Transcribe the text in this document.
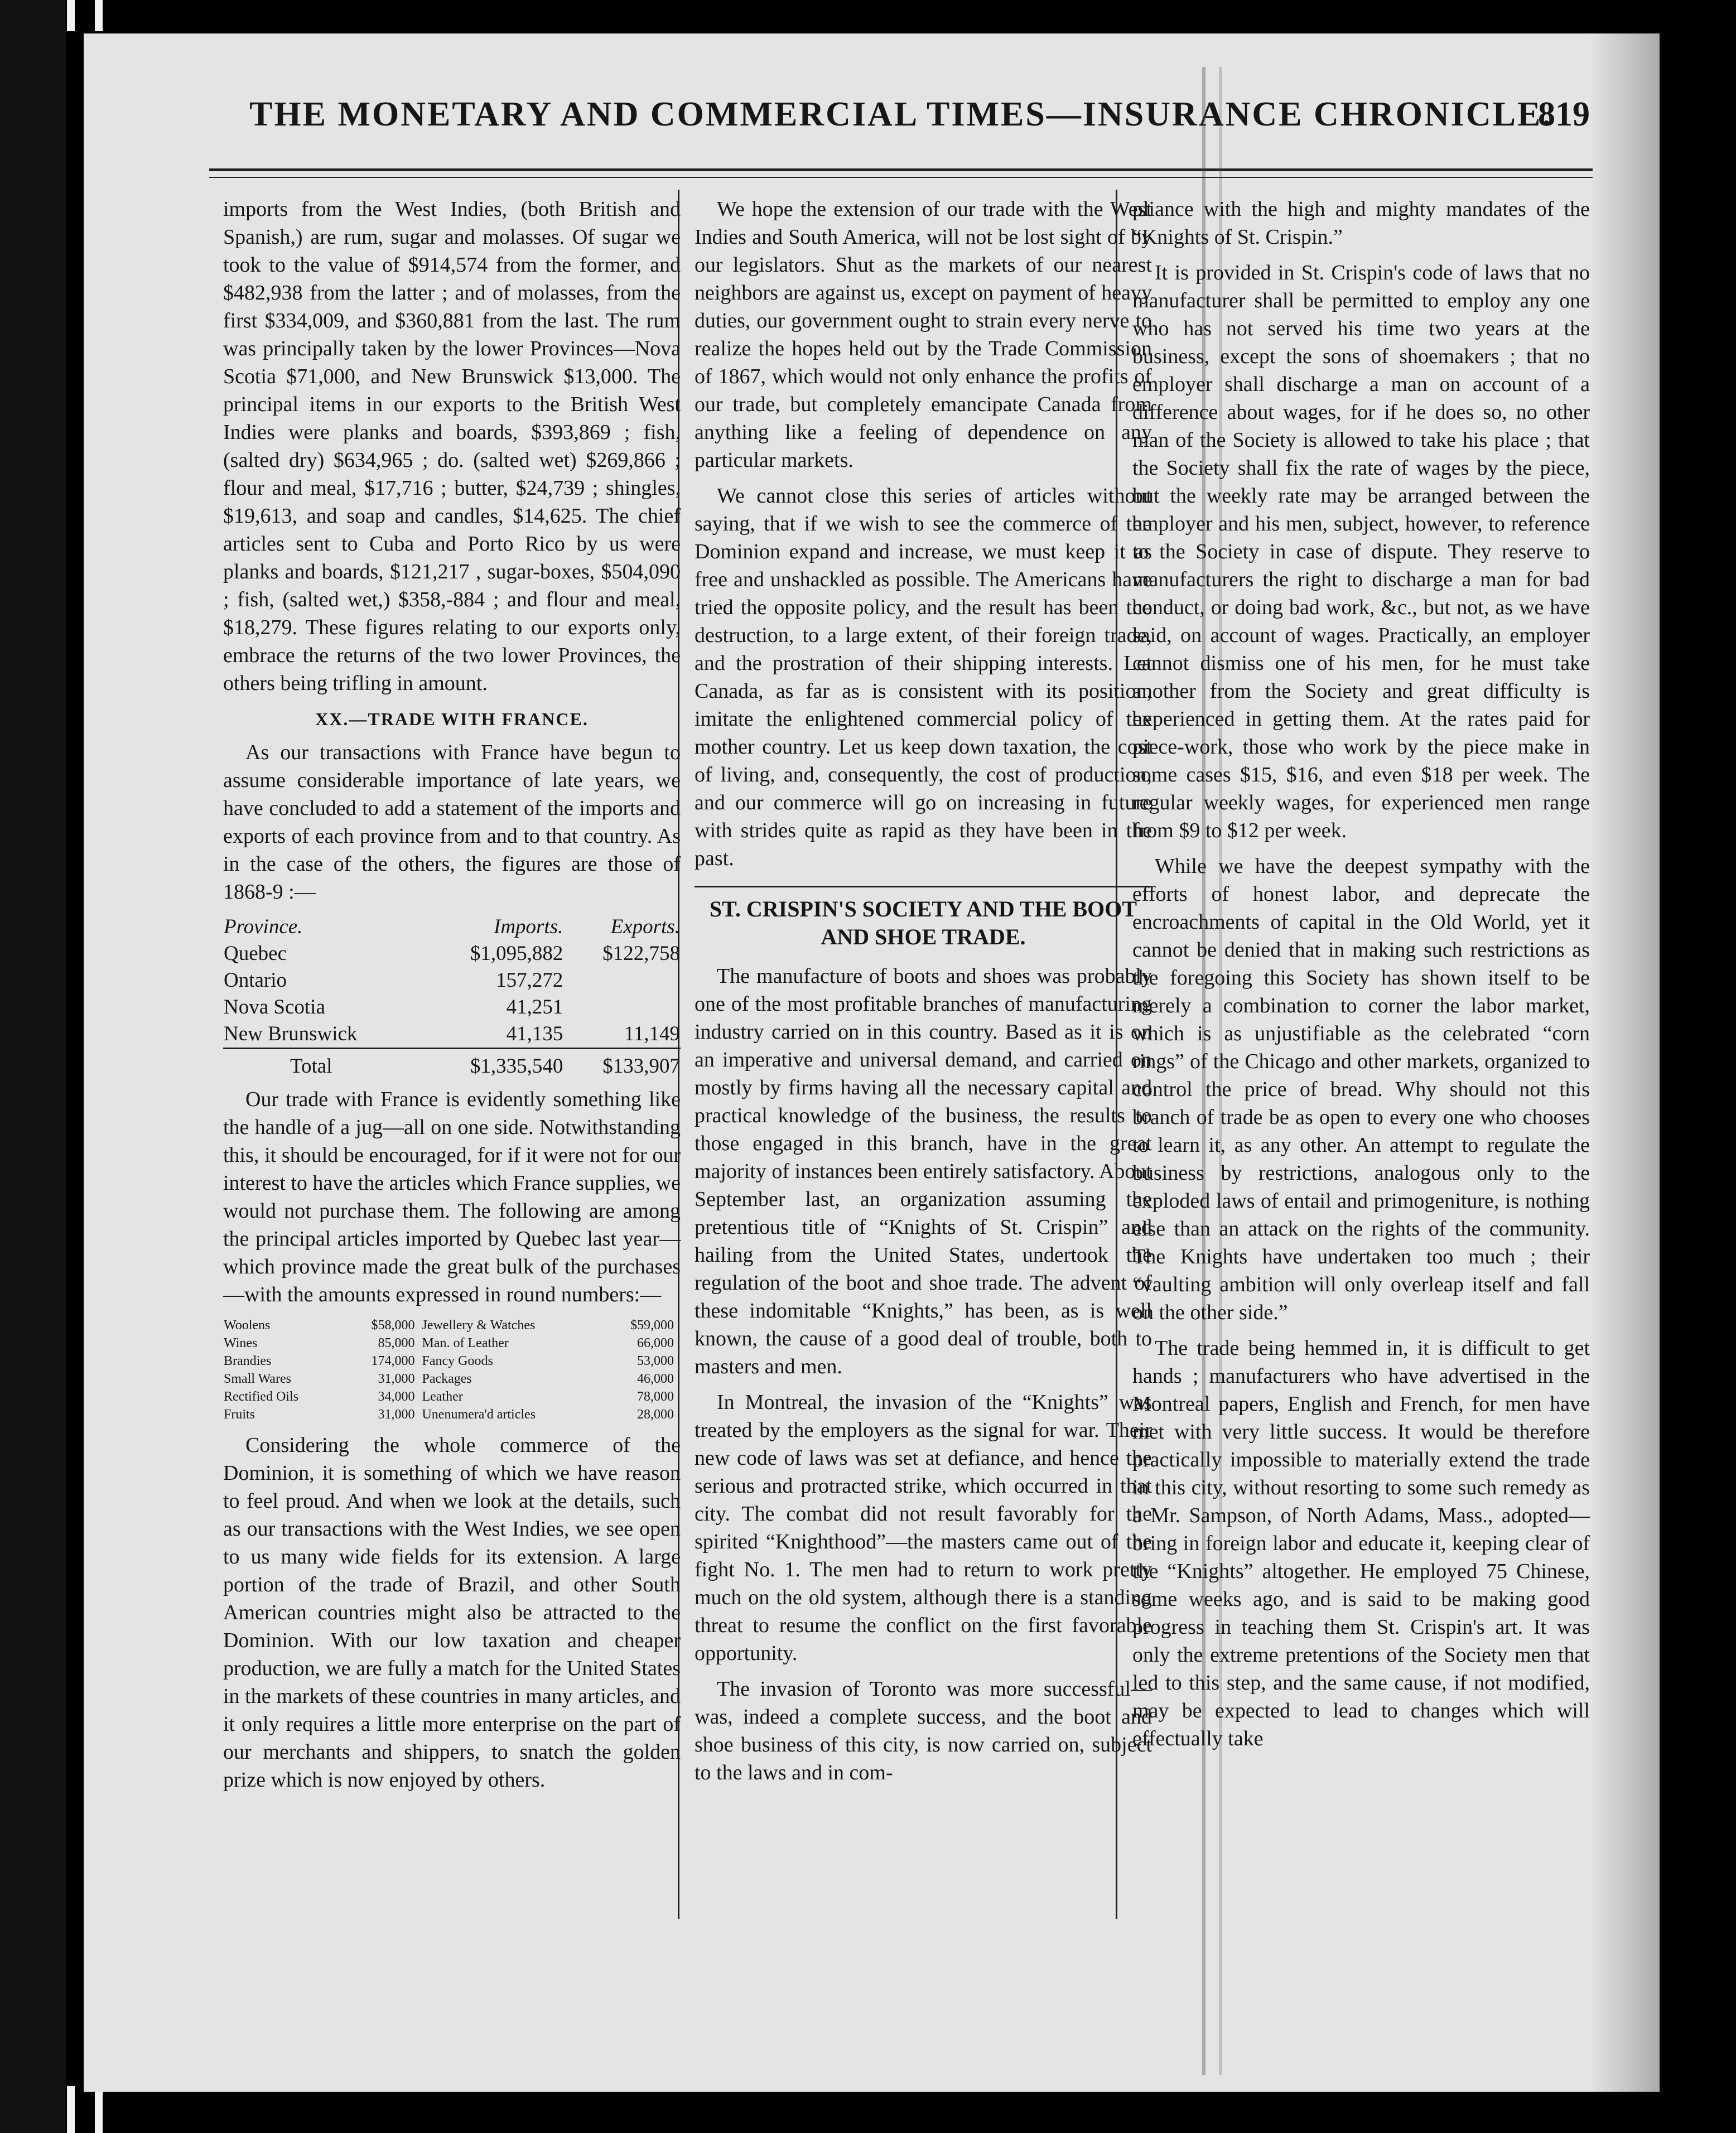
THE MONETARY AND COMMERCIAL TIMES—INSURANCE CHRONICLE.
819

imports from the West Indies, (both British and Spanish,) are rum, sugar and molasses. Of sugar we took to the value of $914,574 from the former, and $482,938 from the latter ; and of molasses, from the first $334,009, and $360,881 from the last. The rum was principally taken by the lower Provinces—Nova Scotia $71,000, and New Brunswick $13,000. The principal items in our exports to the British West Indies were planks and boards, $393,869 ; fish, (salted dry) $634,965 ; do. (salted wet) $269,866 ; flour and meal, $17,716 ; butter, $24,739 ; shingles, $19,613, and soap and candles, $14,625. The chief articles sent to Cuba and Porto Rico by us were planks and boards, $121,217 , sugar-boxes, $504,090 ; fish, (salted wet,) $358,-884 ; and flour and meal, $18,279. These figures relating to our exports only, embrace the returns of the two lower Provinces, the others being trifling in amount.

XX.—TRADE WITH FRANCE.

As our transactions with France have begun to assume considerable importance of late years, we have concluded to add a statement of the imports and exports of each province from and to that country. As in the case of the others, the figures are those of 1868-9 :—

Province.	Imports.	Exports.
Quebec	$1,095,882	$122,758
Ontario	157,272	
Nova Scotia	41,251	
New Brunswick	41,135	11,149
Total	$1,335,540	$133,907

Our trade with France is evidently something like the handle of a jug—all on one side. Notwithstanding this, it should be encouraged, for if it were not for our interest to have the articles which France supplies, we would not purchase them. The following are among the principal articles imported by Quebec last year—which province made the great bulk of the purchases—with the amounts expressed in round numbers:—

Woolens	$58,000	Jewellery & Watches	$59,000
Wines	85,000	Man. of Leather	66,000
Brandies	174,000	Fancy Goods	53,000
Small Wares	31,000	Packages	46,000
Rectified Oils	34,000	Leather	78,000
Fruits	31,000	Unenumera'd articles	28,000

Considering the whole commerce of the Dominion, it is something of which we have reason to feel proud. And when we look at the details, such as our transactions with the West Indies, we see open to us many wide fields for its extension. A large portion of the trade of Brazil, and other South American countries might also be attracted to the Dominion. With our low taxation and cheaper production, we are fully a match for the United States in the markets of these countries in many articles, and it only requires a little more enterprise on the part of our merchants and shippers, to snatch the golden prize which is now enjoyed by others.

We hope the extension of our trade with the West Indies and South America, will not be lost sight of by our legislators. Shut as the markets of our nearest neighbors are against us, except on payment of heavy duties, our government ought to strain every nerve to realize the hopes held out by the Trade Commission of 1867, which would not only enhance the profits of our trade, but completely emancipate Canada from anything like a feeling of dependence on any particular markets.

We cannot close this series of articles without saying, that if we wish to see the commerce of the Dominion expand and increase, we must keep it as free and unshackled as possible. The Americans have tried the opposite policy, and the result has been the destruction, to a large extent, of their foreign trade, and the prostration of their shipping interests. Let Canada, as far as is consistent with its position, imitate the enlightened commercial policy of the mother country. Let us keep down taxation, the cost of living, and, consequently, the cost of production, and our commerce will go on increasing in future with strides quite as rapid as they have been in the past.

ST. CRISPIN'S SOCIETY AND THE BOOT AND SHOE TRADE.

The manufacture of boots and shoes was probably one of the most profitable branches of manufacturing industry carried on in this country. Based as it is on an imperative and universal demand, and carried on mostly by firms having all the necessary capital and practical knowledge of the business, the results to those engaged in this branch, have in the great majority of instances been entirely satisfactory. About September last, an organization assuming the pretentious title of “Knights of St. Crispin” and hailing from the United States, undertook the regulation of the boot and shoe trade. The advent of these indomitable “Knights,” has been, as is well known, the cause of a good deal of trouble, both to masters and men.

In Montreal, the invasion of the “Knights” was treated by the employers as the signal for war. Their new code of laws was set at defiance, and hence the serious and protracted strike, which occurred in that city. The combat did not result favorably for the spirited “Knighthood”—the masters came out of the fight No. 1. The men had to return to work pretty much on the old system, although there is a standing threat to resume the conflict on the first favorable opportunity.

The invasion of Toronto was more successful—was, indeed a complete success, and the boot and shoe business of this city, is now carried on, subject to the laws and in com-

pliance with the high and mighty mandates of the “Knights of St. Crispin.”

It is provided in St. Crispin's code of laws that no manufacturer shall be permitted to employ any one who has not served his time two years at the business, except the sons of shoemakers ; that no employer shall discharge a man on account of a difference about wages, for if he does so, no other man of the Society is allowed to take his place ; that the Society shall fix the rate of wages by the piece, but the weekly rate may be arranged between the employer and his men, subject, however, to reference to the Society in case of dispute. They reserve to manufacturers the right to discharge a man for bad conduct, or doing bad work, &c., but not, as we have said, on account of wages. Practically, an employer cannot dismiss one of his men, for he must take another from the Society and great difficulty is experienced in getting them. At the rates paid for piece-work, those who work by the piece make in some cases $15, $16, and even $18 per week. The regular weekly wages, for experienced men range from $9 to $12 per week.

While we have the deepest sympathy with the efforts of honest labor, and deprecate the encroachments of capital in the Old World, yet it cannot be denied that in making such restrictions as the foregoing this Society has shown itself to be merely a combination to corner the labor market, which is as unjustifiable as the celebrated “corn rings” of the Chicago and other markets, organized to control the price of bread. Why should not this branch of trade be as open to every one who chooses to learn it, as any other. An attempt to regulate the business by restrictions, analogous only to the exploded laws of entail and primogeniture, is nothing else than an attack on the rights of the community. The Knights have undertaken too much ; their “vaulting ambition will only overleap itself and fall on the other side.”

The trade being hemmed in, it is difficult to get hands ; manufacturers who have advertised in the Montreal papers, English and French, for men have met with very little success. It would be therefore practically impossible to materially extend the trade in this city, without resorting to some such remedy as a Mr. Sampson, of North Adams, Mass., adopted—bring in foreign labor and educate it, keeping clear of the “Knights” altogether. He employed 75 Chinese, some weeks ago, and is said to be making good progress in teaching them St. Crispin's art. It was only the extreme pretentions of the Society men that led to this step, and the same cause, if not modified, may be expected to lead to changes which will effectually take
